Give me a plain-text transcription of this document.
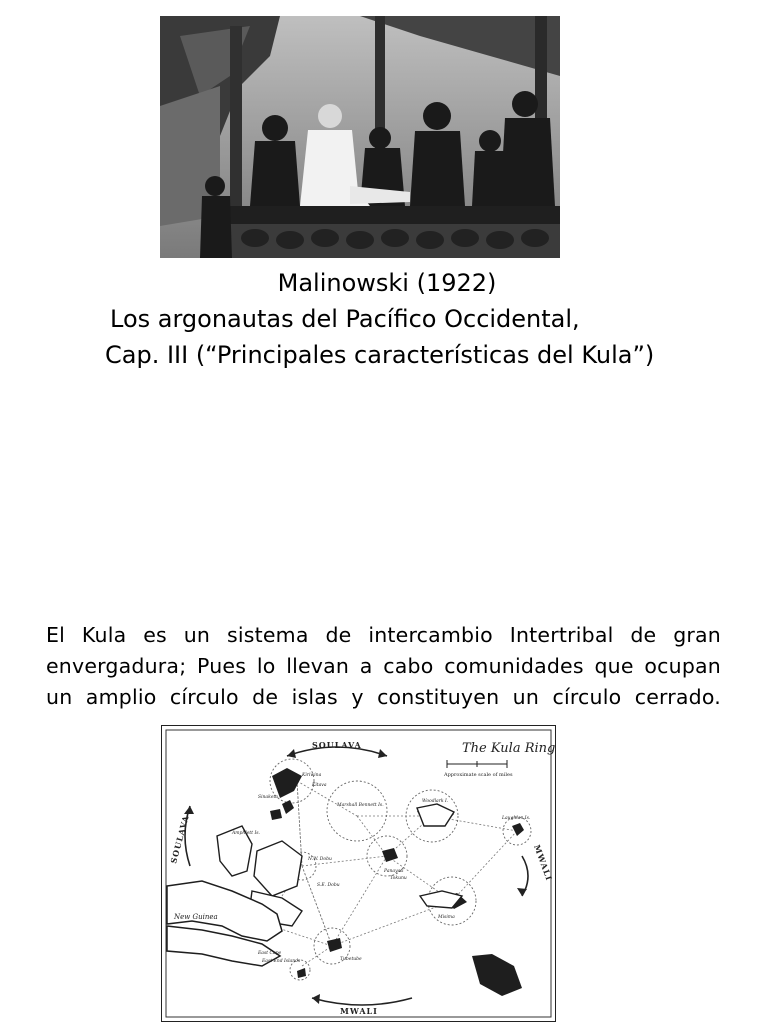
Malinowski (1922)
Los argonautas del Pacífico Occidental,
Cap. III (“Principales características del Kula”)
El Kula es un sistema de intercambio Intertribal de gran envergadura; Pues lo llevan a cabo comunidades que ocupan un amplio círculo de islas y constituyen un círculo cerrado.
The Kula Ring
Approximate scale of miles
SOULAVA
SOULAVA	MWALI
MWALI
New Guinea
Marshall Bennett Is.
Woodlark I.
Laughlan Is.
N.W. Dobu
S.E. Dobu
Amphlett Is.
Sinaketa
Kiriwina
Kitava
Tubetube
East Cape
East End Islands
Panayati
Tokunu
Misima
